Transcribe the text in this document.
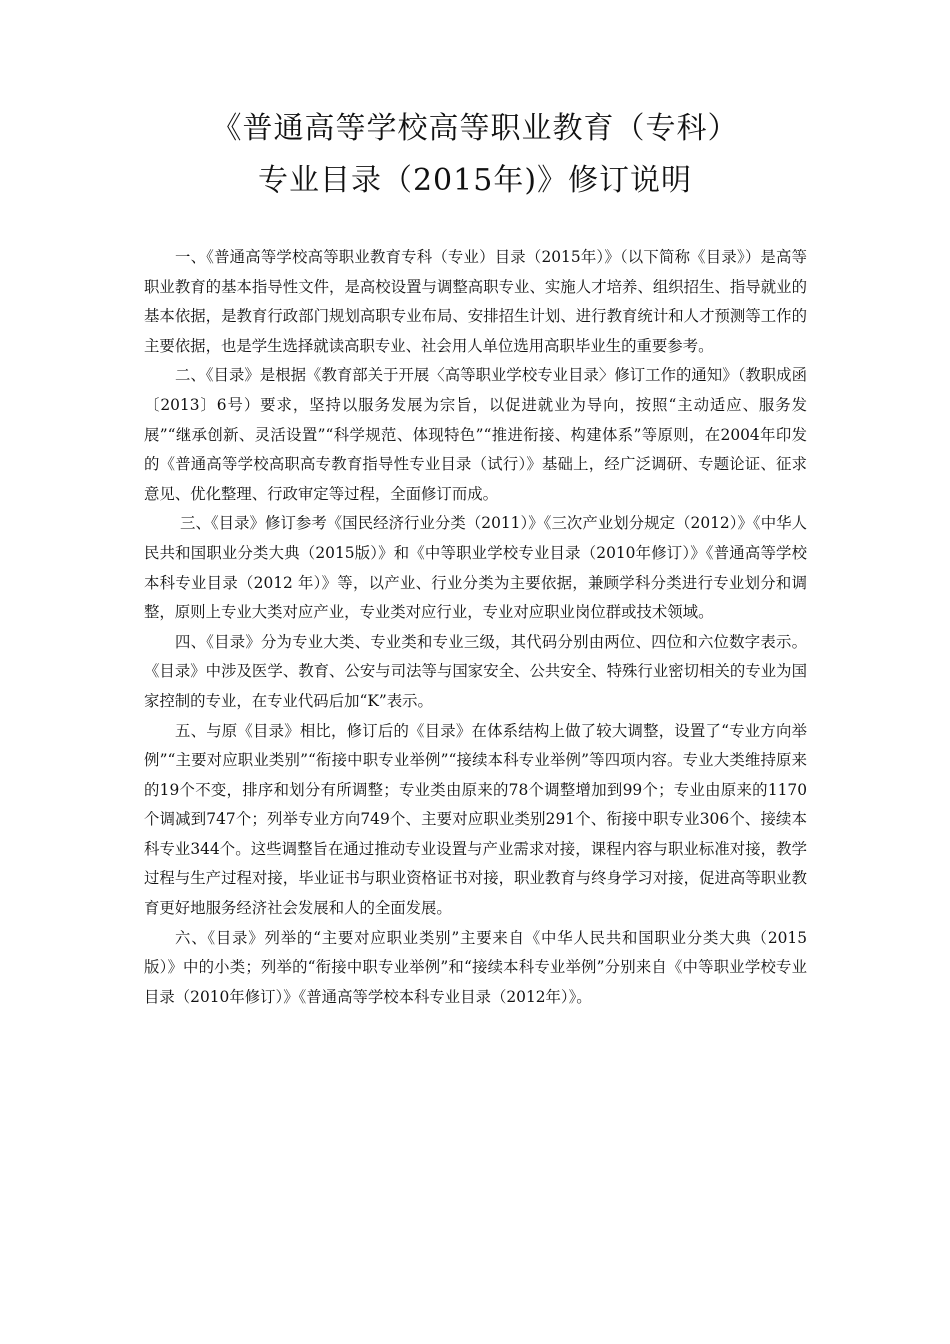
《普通高等学校高等职业教育（专科）
专业目录（2015年)》修订说明

一、《普通高等学校高等职业教育专科（专业）目录（2015年）》（以下简称《目录》）是高等职业教育的基本指导性文件，是高校设置与调整高职专业、实施人才培养、组织招生、指导就业的基本依据，是教育行政部门规划高职专业布局、安排招生计划、进行教育统计和人才预测等工作的主要依据，也是学生选择就读高职专业、社会用人单位选用高职毕业生的重要参考。

二、《目录》是根据《教育部关于开展〈高等职业学校专业目录〉修订工作的通知》（教职成函〔2013〕6号）要求，坚持以服务发展为宗旨，以促进就业为导向，按照“主动适应、服务发展”“继承创新、灵活设置”“科学规范、体现特色”“推进衔接、构建体系”等原则，在2004年印发的《普通高等学校高职高专教育指导性专业目录（试行）》基础上，经广泛调研、专题论证、征求意见、优化整理、行政审定等过程，全面修订而成。

三、《目录》修订参考《国民经济行业分类（2011）》《三次产业划分规定（2012）》《中华人民共和国职业分类大典（2015版）》和《中等职业学校专业目录（2010年修订）》《普通高等学校本科专业目录（2012 年）》等，以产业、行业分类为主要依据，兼顾学科分类进行专业划分和调整，原则上专业大类对应产业，专业类对应行业，专业对应职业岗位群或技术领域。

四、《目录》分为专业大类、专业类和专业三级，其代码分别由两位、四位和六位数字表示。《目录》中涉及医学、教育、公安与司法等与国家安全、公共安全、特殊行业密切相关的专业为国家控制的专业，在专业代码后加“K”表示。

五、与原《目录》相比，修订后的《目录》在体系结构上做了较大调整，设置了“专业方向举例”“主要对应职业类别”“衔接中职专业举例”“接续本科专业举例”等四项内容。专业大类维持原来的19个不变，排序和划分有所调整；专业类由原来的78个调整增加到99个；专业由原来的1170个调减到747个；列举专业方向749个、主要对应职业类别291个、衔接中职专业306个、接续本科专业344个。这些调整旨在通过推动专业设置与产业需求对接，课程内容与职业标准对接，教学过程与生产过程对接，毕业证书与职业资格证书对接，职业教育与终身学习对接，促进高等职业教育更好地服务经济社会发展和人的全面发展。

六、《目录》列举的“主要对应职业类别”主要来自《中华人民共和国职业分类大典（2015版）》中的小类；列举的“衔接中职专业举例”和“接续本科专业举例”分别来自《中等职业学校专业目录（2010年修订）》《普通高等学校本科专业目录（2012年）》。
